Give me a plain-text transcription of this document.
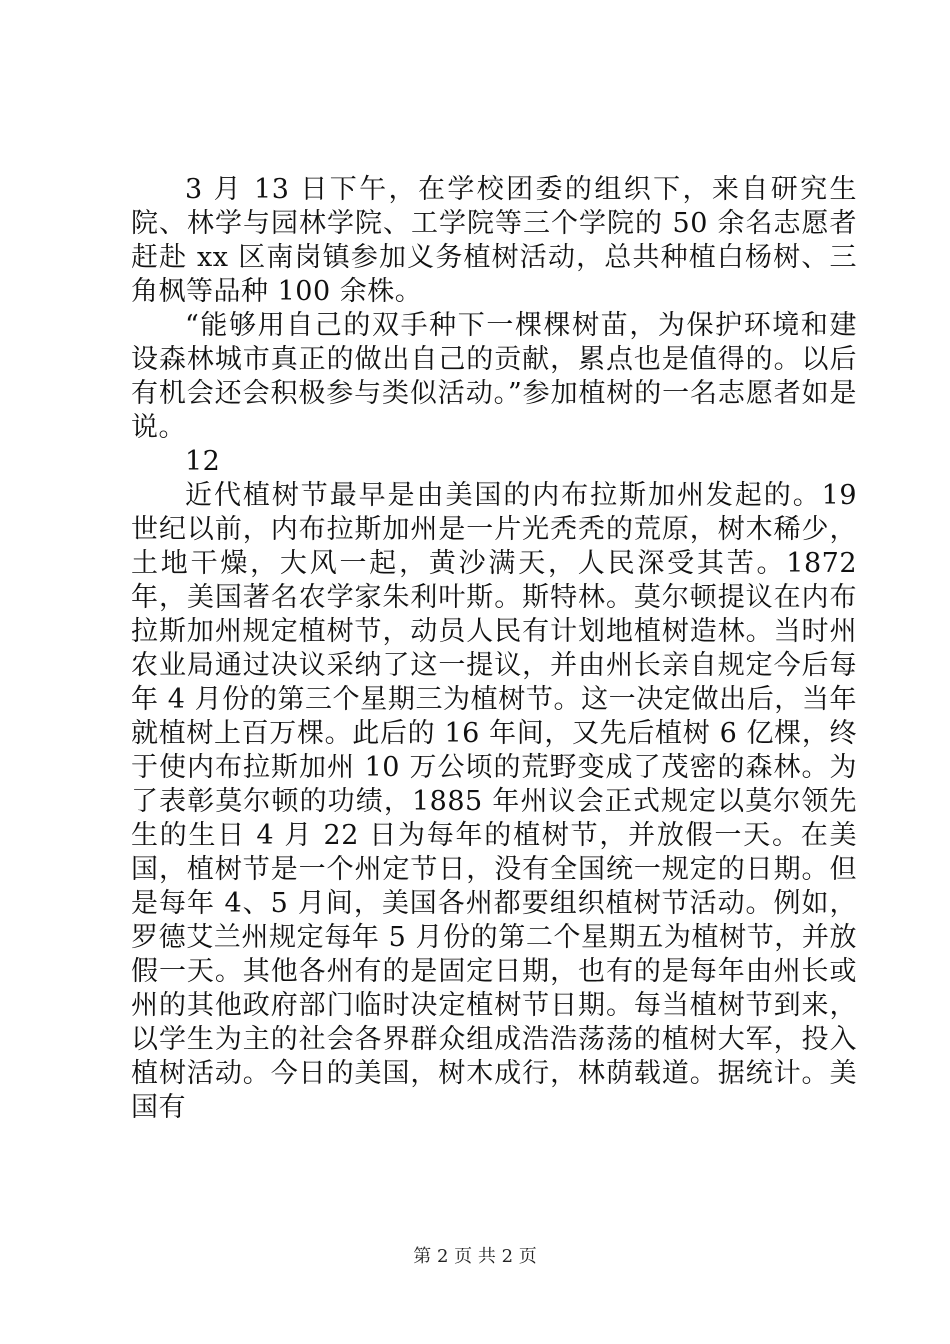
3 月 13 日下午，在学校团委的组织下，来自研究生院、林学与园林学院、工学院等三个学院的 50 余名志愿者赶赴 xx 区南岗镇参加义务植树活动，总共种植白杨树、三角枫等品种 100 余株。

“能够用自己的双手种下一棵棵树苗，为保护环境和建设森林城市真正的做出自己的贡献，累点也是值得的。以后有机会还会积极参与类似活动。”参加植树的一名志愿者如是说。

12

近代植树节最早是由美国的内布拉斯加州发起的。19 世纪以前，内布拉斯加州是一片光秃秃的荒原，树木稀少，土地干燥，大风一起，黄沙满天，人民深受其苦。1872 年，美国著名农学家朱利叶斯。斯特林。莫尔顿提议在内布拉斯加州规定植树节，动员人民有计划地植树造林。当时州农业局通过决议采纳了这一提议，并由州长亲自规定今后每年 4 月份的第三个星期三为植树节。这一决定做出后，当年就植树上百万棵。此后的 16 年间，又先后植树 6 亿棵，终于使内布拉斯加州 10 万公顷的荒野变成了茂密的森林。为了表彰莫尔顿的功绩，1885 年州议会正式规定以莫尔领先生的生日 4 月 22 日为每年的植树节，并放假一天。在美国，植树节是一个州定节日，没有全国统一规定的日期。但是每年 4、5 月间，美国各州都要组织植树节活动。例如，罗德艾兰州规定每年 5 月份的第二个星期五为植树节，并放假一天。其他各州有的是固定日期，也有的是每年由州长或州的其他政府部门临时决定植树节日期。每当植树节到来，以学生为主的社会各界群众组成浩浩荡荡的植树大军，投入植树活动。今日的美国，树木成行，林荫载道。据统计。美国有

第 2 页 共 2 页
